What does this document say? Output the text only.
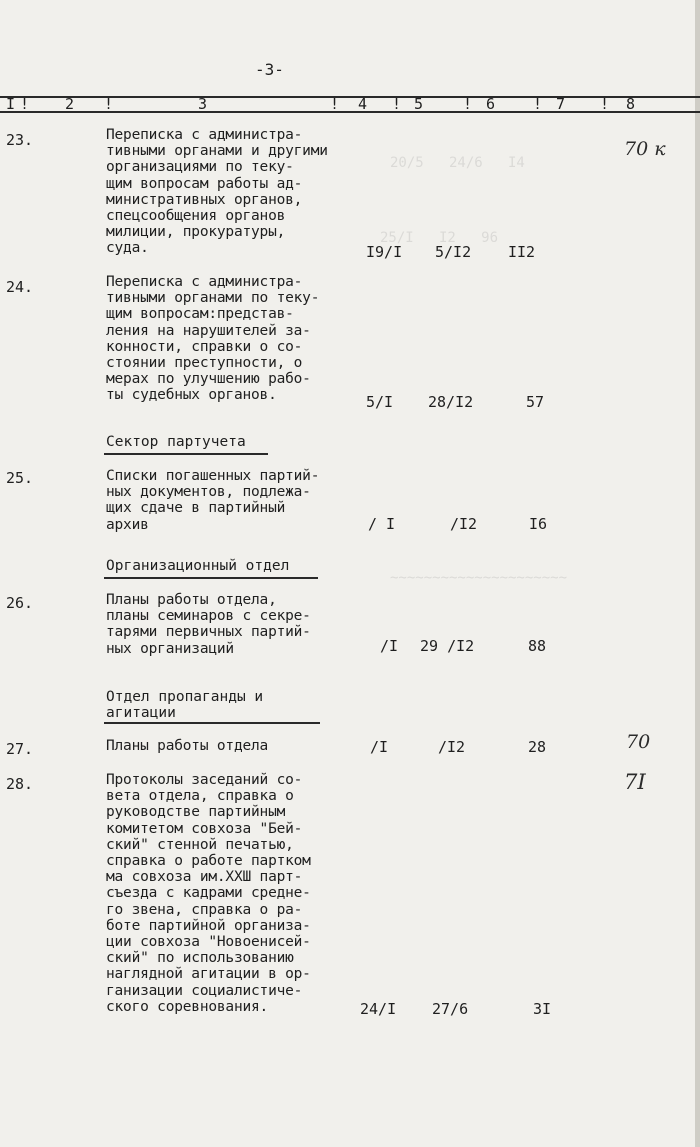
20/5   24/6   I4
25/I   I2   96
~~~~~~~~~~~~~~~~~~~~~
-3-
I ! 2 !	3	! 4 ! 5	! 6	! 7 ! 8
23.	Переписка с администра-
тивными органами и другими
организациями по теку-
щим вопросам работы ад-
министративных органов,
спецсообщения органов
милиции, прокуратуры,
суда.	I9/I 5/I2 II2
70 к
24.	Переписка с администра-
тивными органами по теку-
щим вопросам:представ-
ления на нарушителей за-
конности, справки о со-
стоянии преступности, о
мерах по улучшению рабо-
ты судебных органов.	5/I 28/I2	57
Сектор партучета
25.	Списки погашенных партий-
ных документов, подлежа-
щих сдаче в партийный
архив	/ I	/I2	I6
Организационный отдел
26.	Планы работы отдела,
планы семинаров с секре-
тарями первичных партий-
ных организаций	/I 29 /I2	88
Отдел пропаганды и
агитации
27.	Планы работы отдела	/I	/I2	28	70
28.	Протоколы заседаний со-
вета отдела, справка о
руководстве партийным
комитетом совхоза "Бей-
ский" стенной печатью,
справка о работе партком
ма совхоза им.ХХШ парт-
съезда с кадрами средне-
го звена, справка о ра-
боте партийной организа-
ции совхоза "Новоенисей-
ский" по использованию
наглядной агитации в ор-
ганизации социалистиче-
ского соревнования.	24/I 27/6	3I
7I
